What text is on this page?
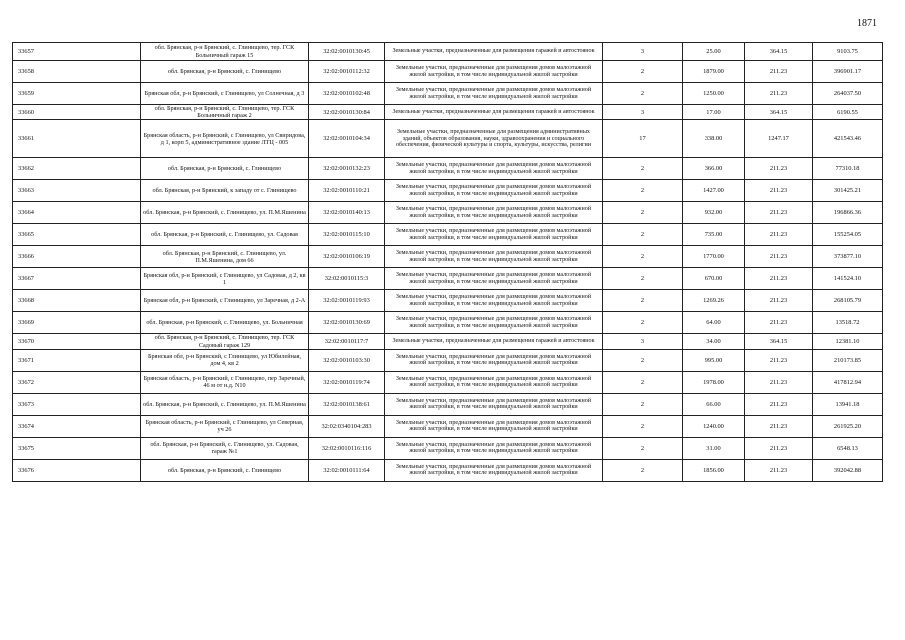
1871
33657	обл. Брянская, р-н Брянский, с. Глинищево, тер. ГСК Больничный гараж 15	32:02:0010130:45	Земельные участки, предназначенные для размещения гаражей и автостоянок	3	25.00	364.15	9103.75
33658	обл. Брянская, р-н Брянский, с. Глинищево	32:02:0010112:32	Земельные участки, предназначенные для размещения домов малоэтажной жилой застройки, в том числе индивидуальной жилой застройки	2	1879.00	211.23	396901.17
33659	Брянская обл, р-н Брянский, с Глинищево, ул Солнечная, д 3	32:02:0010102:48	Земельные участки, предназначенные для размещения домов малоэтажной жилой застройки, в том числе индивидуальной жилой застройки	2	1250.00	211.23	264037.50
33660	обл. Брянская, р-н Брянский, с. Глинищево, тер. ГСК Больничный гараж 2	32:02:0010130:84	Земельные участки, предназначенные для размещения гаражей и автостоянок	3	17.00	364.15	6190.55
33661	Брянская область, р-н Брянский, с Глинищево, ул Свиридова, д 1, корп 5, административное здание ЛТЦ - 005	32:02:0010104:34	Земельные участки, предназначенные для размещения административных зданий, объектов образования, науки, здравоохранения и социального обеспечения, физической культуры и спорта, культуры, искусства, религии	17	338.00	1247.17	421543.46
33662	обл. Брянская, р-н Брянский, с. Глинищево	32:02:0010132:23	Земельные участки, предназначенные для размещения домов малоэтажной жилой застройки, в том числе индивидуальной жилой застройки	2	366.00	211.23	77310.18
33663	обл. Брянская, р-н Брянский, к западу от с. Глинищево	32:02:0010110:21	Земельные участки, предназначенные для размещения домов малоэтажной жилой застройки, в том числе индивидуальной жилой застройки	2	1427.00	211.23	301425.21
33664	обл. Брянская, р-н Брянский, с. Глинищево, ул. П.М.Яшенина	32:02:0010140:13	Земельные участки, предназначенные для размещения домов малоэтажной жилой застройки, в том числе индивидуальной жилой застройки	2	932.00	211.23	196866.36
33665	обл. Брянская, р-н Брянский, с. Глинищево, ул. Садовая	32:02:0010115:10	Земельные участки, предназначенные для размещения домов малоэтажной жилой застройки, в том числе индивидуальной жилой застройки	2	735.00	211.23	155254.05
33666	обл. Брянская, р-н Брянский, с. Глинищево, ул. П.М.Яшенина, дом 66	32:02:0010106:19	Земельные участки, предназначенные для размещения домов малоэтажной жилой застройки, в том числе индивидуальной жилой застройки	2	1770.00	211.23	373877.10
33667	Брянская обл, р-н Брянский, с Глинищево, ул Садовая, д 2, кв 1	32:02:0010115:3	Земельные участки, предназначенные для размещения домов малоэтажной жилой застройки, в том числе индивидуальной жилой застройки	2	670.00	211.23	141524.10
33668	Брянская обл, р-н Брянский, с Глинищево, ул Заречная, д 2-А	32:02:0010119:93	Земельные участки, предназначенные для размещения домов малоэтажной жилой застройки, в том числе индивидуальной жилой застройки	2	1269.26	211.23	268105.79
33669	обл. Брянская, р-н Брянский, с. Глинищево, ул. Больничная	32:02:0010130:69	Земельные участки, предназначенные для размещения домов малоэтажной жилой застройки, в том числе индивидуальной жилой застройки	2	64.00	211.23	13518.72
33670	обл. Брянская, р-н Брянский, с. Глинищево, тер. ГСК Садовый гараж 129	32:02:0010117:7	Земельные участки, предназначенные для размещения гаражей и автостоянок	3	34.00	364.15	12381.10
33671	Брянская обл, р-н Брянский, с Глинищево, ул Юбилейная, дом 4, кв 2	32:02:0010103:30	Земельные участки, предназначенные для размещения домов малоэтажной жилой застройки, в том числе индивидуальной жилой застройки	2	995.00	211.23	210173.85
33672	Брянская область, р-н Брянский, с Глинищево, пер Заречный, 46 м от н.д. N10	32:02:0010119:74	Земельные участки, предназначенные для размещения домов малоэтажной жилой застройки, в том числе индивидуальной жилой застройки	2	1978.00	211.23	417812.94
33673	обл. Брянская, р-н Брянский, с. Глинищево, ул. П.М.Яшенина	32:02:0010138:61	Земельные участки, предназначенные для размещения домов малоэтажной жилой застройки, в том числе индивидуальной жилой застройки	2	66.00	211.23	13941.18
33674	Брянская область, р-н Брянский, с Глинищево, ул Северная, уч 26	32:02:0340104:283	Земельные участки, предназначенные для размещения домов малоэтажной жилой застройки, в том числе индивидуальной жилой застройки	2	1240.00	211.23	261925.20
33675	обл. Брянская, р-н Брянский, с. Глинищево, ул. Садовая, гараж №1	32:02:0010116:116	Земельные участки, предназначенные для размещения домов малоэтажной жилой застройки, в том числе индивидуальной жилой застройки	2	31.00	211.23	6548.13
33676	обл. Брянская, р-н Брянский, с. Глинищево	32:02:0010111:64	Земельные участки, предназначенные для размещения домов малоэтажной жилой застройки, в том числе индивидуальной жилой застройки	2	1856.00	211.23	392042.88
